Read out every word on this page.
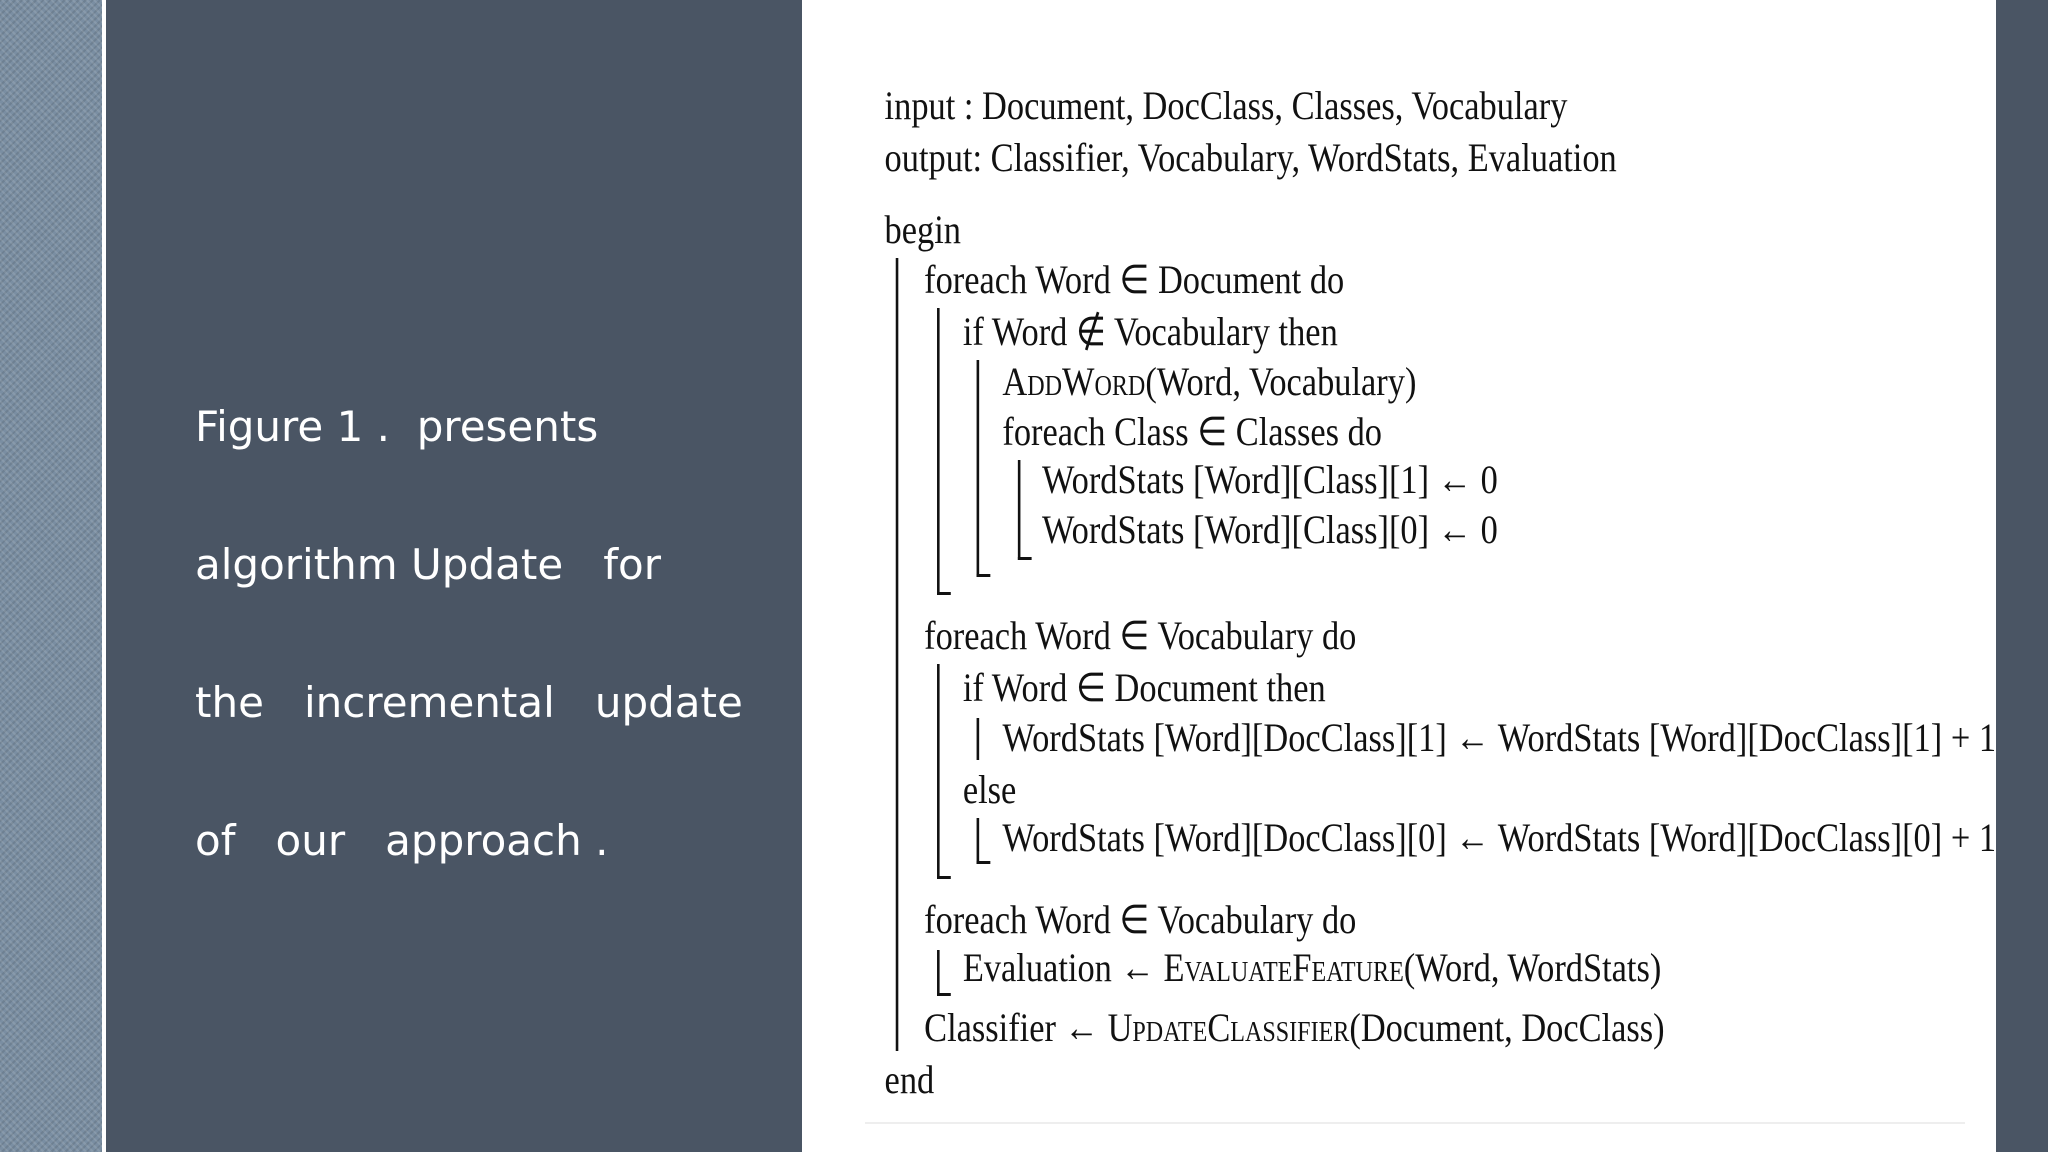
Figure 1 .  presents

algorithm Update   for

the   incremental   update

of   our   approach .

input : Document, DocClass, Classes, Vocabulary
output: Classifier, Vocabulary, WordStats, Evaluation
begin
foreach Word ∈ Document do
if Word ∉ Vocabulary then
AddWord(Word, Vocabulary)
foreach Class ∈ Classes do
WordStats [Word][Class][1] ← 0
WordStats [Word][Class][0] ← 0
foreach Word ∈ Vocabulary do
if Word ∈ Document then
WordStats [Word][DocClass][1] ← WordStats [Word][DocClass][1] + 1
else
WordStats [Word][DocClass][0] ← WordStats [Word][DocClass][0] + 1
foreach Word ∈ Vocabulary do
Evaluation ← EvaluateFeature(Word, WordStats)
Classifier ← UpdateClassifier(Document, DocClass)
end
